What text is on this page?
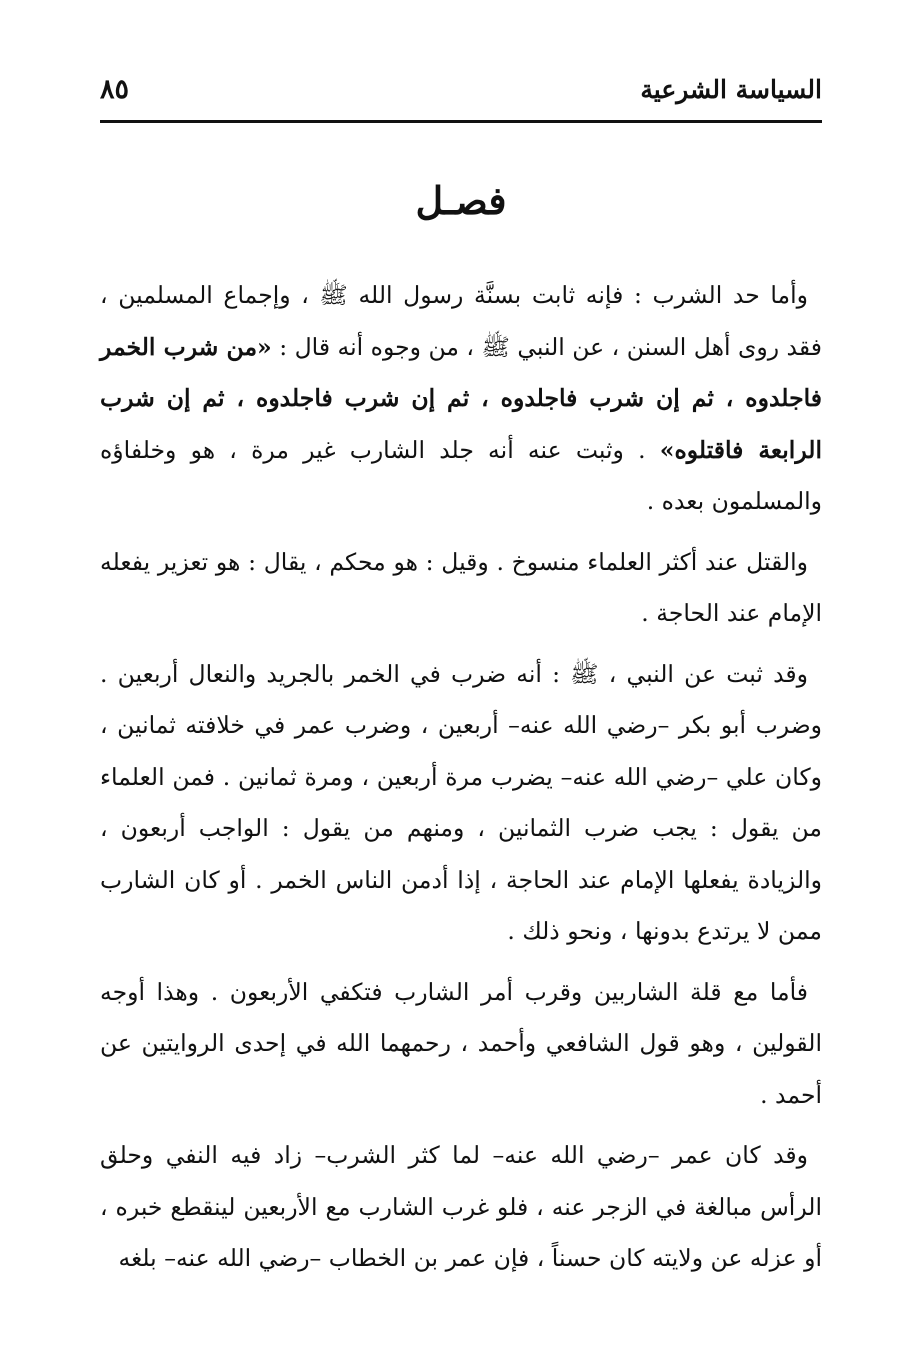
السياسة الشرعية
٨٥
فصـل

وأما حد الشرب : فإنه ثابت بسنَّة رسول الله ﷺ ، وإجماع المسلمين ، فقد روى أهل السنن ، عن النبي ﷺ ، من وجوه أنه قال : «من شرب الخمر فاجلدوه ، ثم إن شرب فاجلدوه ، ثم إن شرب فاجلدوه ، ثم إن شرب الرابعة فاقتلوه» . وثبت عنه أنه جلد الشارب غير مرة ، هو وخلفاؤه والمسلمون بعده .

والقتل عند أكثر العلماء منسوخ . وقيل : هو محكم ، يقال : هو تعزير يفعله الإمام عند الحاجة .

وقد ثبت عن النبي ، ﷺ : أنه ضرب في الخمر بالجريد والنعال أربعين . وضرب أبو بكر –رضي الله عنه– أربعين ، وضرب عمر في خلافته ثمانين ، وكان علي –رضي الله عنه– يضرب مرة أربعين ، ومرة ثمانين . فمن العلماء من يقول : يجب ضرب الثمانين ، ومنهم من يقول : الواجب أربعون ، والزيادة يفعلها الإمام عند الحاجة ، إذا أدمن الناس الخمر . أو كان الشارب ممن لا يرتدع بدونها ، ونحو ذلك .

فأما مع قلة الشاربين وقرب أمر الشارب فتكفي الأربعون . وهذا أوجه القولين ، وهو قول الشافعي وأحمد ، رحمهما الله في إحدى الروايتين عن أحمد .

وقد كان عمر –رضي الله عنه– لما كثر الشرب– زاد فيه النفي وحلق الرأس مبالغة في الزجر عنه ، فلو غرب الشارب مع الأربعين لينقطع خبره ، أو عزله عن ولايته كان حسناً ، فإن عمر بن الخطاب –رضي الله عنه– بلغه
